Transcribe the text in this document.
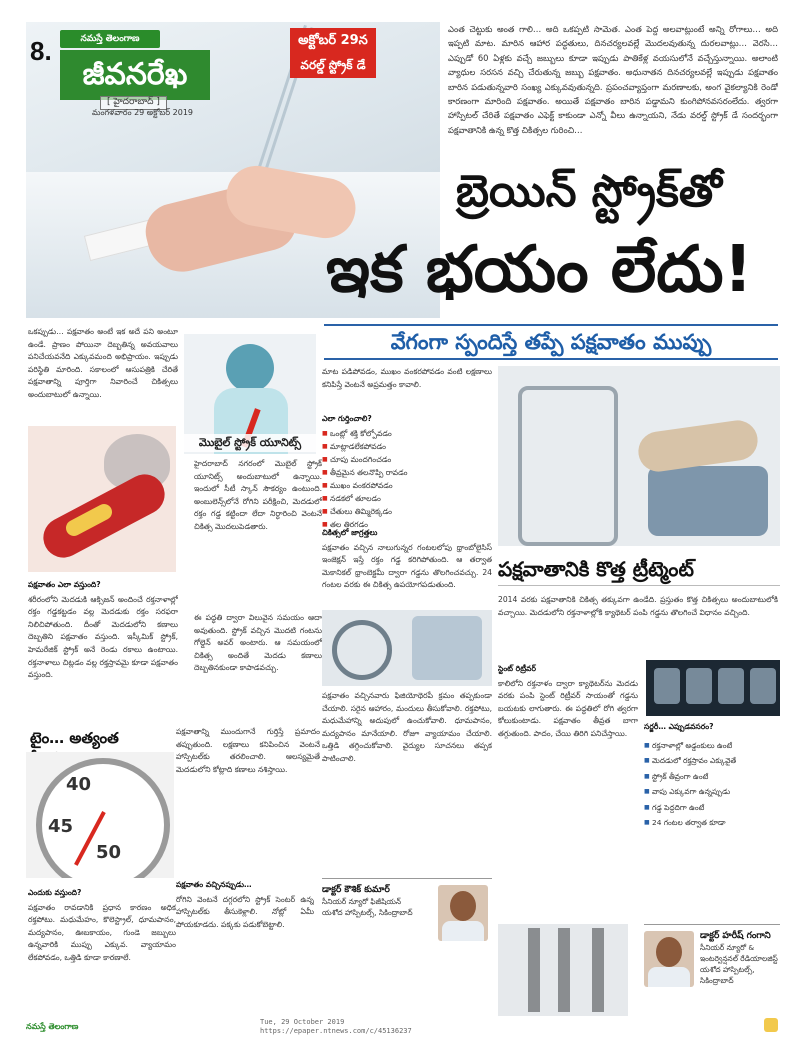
8.	నమస్తే తెలంగాణ
జీవనరేఖ
[ హైదరాబాద్ ]
మంగళవారం 29 అక్టోబర్ 2019
అక్టోబర్ 29న
వరల్డ్ స్ట్రోక్ డే
ఎంత చెట్టుకు అంత గాలి… అది ఒకప్పటి సామెత. ఎంత పెద్ద అలవాట్లుంటే అన్ని రోగాలు… అది ఇప్పటి మాట. మారిన ఆహార పద్ధతులు, దినచర్యలవల్లే మొదలవుతున్న దురలవాట్లు… వెరసి… ఎప్పుడో 60 ఏళ్లకు వచ్చే జబ్బులు కూడా ఇప్పుడు పాతికేళ్ల వయసులోనే వచ్చేస్తున్నాయి. అలాంటి వ్యాధుల సరసన వచ్చి చేరుతున్న జబ్బు పక్షవాతం. అధునాతన దినచర్యలవల్లే ఇప్పుడు పక్షవాతం బారిన పడుతున్నవారి సంఖ్య ఎక్కువవుతున్నది. ప్రపంచవ్యాప్తంగా మరణాలకు, అంగ వైకల్యానికి రెండో కారణంగా మారింది పక్షవాతం. అయితే పక్షవాతం బారిన పడ్డామని కుంగిపోనవసరంలేదు. త్వరగా హాస్పిటల్ చేరితే పక్షవాతం ఎఫెక్ట్ కాకుండా ఎన్నో వీలు ఉన్నాయని, నేడు వరల్డ్ స్ట్రోక్ డే సందర్భంగా పక్షవాతానికి ఉన్న కొత్త చికిత్సల గురించి…
బ్రెయిన్ స్ట్రోక్‌తో
ఇక భయం లేదు!
వేగంగా స్పందిస్తే తప్పే పక్షవాతం ముప్పు

ఒకప్పుడు… పక్షవాతం అంటే ఇక అదే పని అంటూ ఉండే. ప్రాణం పోయినా దెబ్బతిన్న అవయవాలు పనిచేయవనేది ఎక్కువమంది అభిప్రాయం. ఇప్పుడు పరిస్థితి మారింది. సకాలంలో ఆసుపత్రికి చేరితే పక్షవాతాన్ని పూర్తిగా నివారించే చికిత్సలు అందుబాటులో ఉన్నాయి.

పక్షవాతం ఎలా వస్తుంది?

శరీరంలోని మెదడుకి ఆక్సిజన్ అందించే రక్తనాళాల్లో రక్తం గడ్డకట్టడం వల్ల మెదడుకు రక్తం సరఫరా నిలిచిపోతుంది. దీంతో మెదడులోని కణాలు దెబ్బతిని పక్షవాతం వస్తుంది. ఇస్కీమిక్ స్ట్రోక్, హెమరేజిక్ స్ట్రోక్ అనే రెండు రకాలు ఉంటాయి. రక్తనాళాలు చిట్లడం వల్ల రక్తస్రావమై కూడా పక్షవాతం వస్తుంది.

టైం… అత్యంత
40
45
50
ఎందుకు వస్తుంది?

పక్షవాతం రావడానికి ప్రధాన కారణం అధిక రక్తపోటు. మధుమేహం, కొలెస్ట్రాల్, ధూమపానం, మద్యపానం, ఊబకాయం, గుండె జబ్బులు ఉన్నవారికి ముప్పు ఎక్కువ. వ్యాయామం లేకపోవడం, ఒత్తిడి కూడా కారణాలే.

మొబైల్ స్ట్రోక్ యూనిట్స్

హైదరాబాద్ నగరంలో మొబైల్ స్ట్రోక్ యూనిట్స్ అందుబాటులో ఉన్నాయి. ఇందులో సీటీ స్కాన్ సౌకర్యం ఉంటుంది. అంబులెన్స్‌లోనే రోగిని పరీక్షించి, మెదడులో రక్తం గడ్డ కట్టిందా లేదా నిర్ధారించి వెంటనే చికిత్స మొదలుపెడతారు.

ఈ పద్ధతి ద్వారా విలువైన సమయం ఆదా అవుతుంది. స్ట్రోక్ వచ్చిన మొదటి గంటను గోల్డెన్ అవర్ అంటారు. ఆ సమయంలో చికిత్స అందితే మెదడు కణాలు దెబ్బతినకుండా కాపాడవచ్చు.

పక్షవాతాన్ని ముందుగానే గుర్తిస్తే ప్రమాదం తప్పుతుంది. లక్షణాలు కనిపించిన వెంటనే హాస్పిటల్‌కు తరలించాలి. ఆలస్యమైతే మెదడులోని కోట్లాది కణాలు నశిస్తాయి.

మాట పడిపోవడం, ముఖం వంకరపోవడం వంటి లక్షణాలు కనిపిస్తే వెంటనే అప్రమత్తం కావాలి.

ఎలా గుర్తించాలి?
■ ఒంట్లో శక్తి కోల్పోవడం
■ మాట్లాడలేకపోవడం
■ చూపు మందగించడం
■ తీవ్రమైన తలనొప్పి రావడం
■ ముఖం వంకరపోవడం
■ నడకలో తూలడం
■ చేతులు తిమ్మిరెక్కడం
■ తల తిరగడం
చికిత్సలో జాగ్రత్తలు

పక్షవాతం వచ్చిన నాలుగున్నర గంటలలోపు థ్రాంబోలైసిస్ ఇంజెక్షన్ ఇస్తే రక్తం గడ్డ కరిగిపోతుంది. ఆ తర్వాత మెకానికల్ థ్రాంబెక్టమీ ద్వారా గడ్డను తొలగించవచ్చు. 24 గంటల వరకు ఈ చికిత్స ఉపయోగపడుతుంది.

పక్షవాతం వచ్చినవారు ఫిజియోథెరపీ క్రమం తప్పకుండా చేయాలి. సరైన ఆహారం, మందులు తీసుకోవాలి. రక్తపోటు, మధుమేహాన్ని అదుపులో ఉంచుకోవాలి. ధూమపానం, మద్యపానం మానేయాలి. రోజూ వ్యాయామం చేయాలి. ఒత్తిడి తగ్గించుకోవాలి. వైద్యుల సూచనలు తప్పక పాటించాలి.

పక్షవాతం వచ్చినప్పుడు…

రోగిని వెంటనే దగ్గరలోని స్ట్రోక్ సెంటర్ ఉన్న హాస్పిటల్‌కు తీసుకెళ్లాలి. నోట్లో ఏమీ పోయకూడదు. పక్కకు పడుకోబెట్టాలి.

డాక్టర్ కౌశిక్ కుమార్
సీనియర్ న్యూరో ఫిజీషియన్
యశోద హాస్పిటల్స్, సికింద్రాబాద్
పక్షవాతానికి కొత్త ట్రీట్మెంట్

2014 వరకు పక్షవాతానికి చికిత్స తక్కువగా ఉండేది. ప్రస్తుతం కొత్త చికిత్సలు అందుబాటులోకి వచ్చాయి. మెదడులోని రక్తనాళాల్లోకి క్యాథెటర్ పంపి గడ్డను తొలగించే విధానం వచ్చింది.

స్టెంట్ రిట్రీవర్

కాలిలోని రక్తనాళం ద్వారా క్యాథెటర్‌ను మెదడు వరకు పంపి స్టెంట్ రిట్రీవర్ సాయంతో గడ్డను బయటకు లాగుతారు. ఈ పద్ధతిలో రోగి త్వరగా కోలుకుంటాడు. పక్షవాతం తీవ్రత బాగా తగ్గుతుంది. పాదం, చేయి తిరిగి పనిచేస్తాయి.

సర్జరీ… ఎప్పుడవసరం?
■ రక్తనాళాల్లో అడ్డంకులు ఉంటే
■ మెదడులో రక్తస్రావం ఎక్కువైతే
■ స్ట్రోక్ తీవ్రంగా ఉంటే
■ వాపు ఎక్కువగా ఉన్నప్పుడు
■ గడ్డ పెద్దదిగా ఉంటే
■ 24 గంటల తర్వాత కూడా
డాక్టర్ హరీష్ గంగాని
సీనియర్ న్యూరో & ఇంటర్వెన్షనల్ రేడియాలజిస్ట్
యశోద హాస్పిటల్స్, సికింద్రాబాద్
నమస్తే తెలంగాణ	Tue, 29 October 2019
https://epaper.ntnews.com/c/45136237
